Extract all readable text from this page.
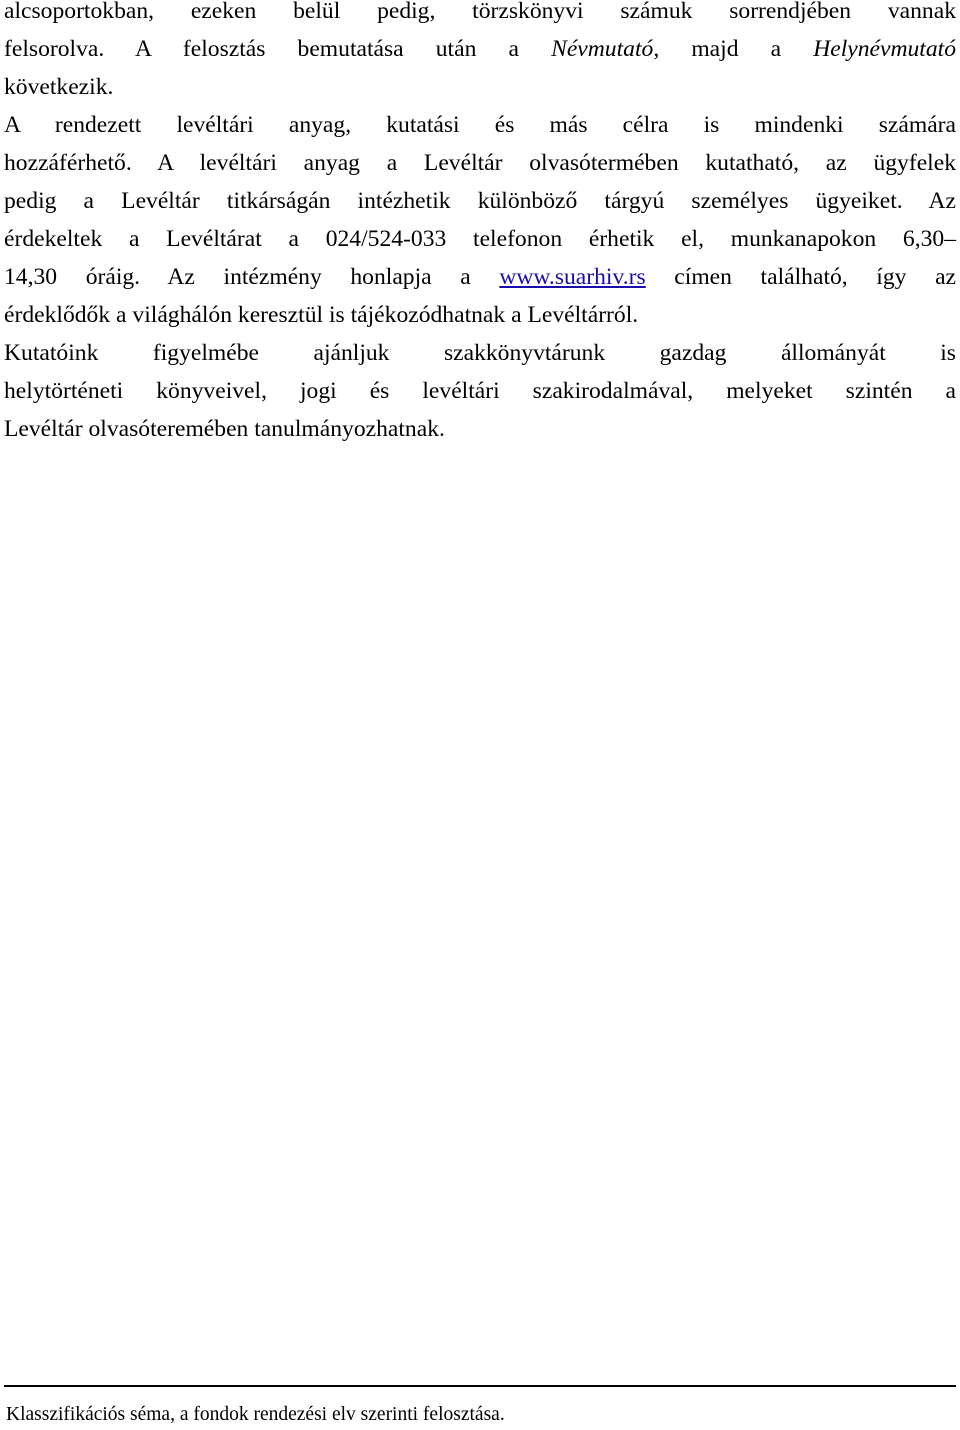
alcsoportokban, ezeken belül pedig, törzskönyvi számuk sorrendjében vannak
felsorolva. A felosztás bemutatása után a Névmutató, majd a Helynévmutató
következik.

A rendezett levéltári anyag, kutatási és más célra is mindenki számára
hozzáférhető. A levéltári anyag a Levéltár olvasótermében kutatható, az ügyfelek
pedig a Levéltár titkárságán intézhetik különböző tárgyú személyes ügyeiket. Az
érdekeltek a Levéltárat a 024/524-033 telefonon érhetik el, munkanapokon 6,30–
14,30 óráig. Az intézmény honlapja a www.suarhiv.rs címen található, így az
érdeklődők a világhálón keresztül is tájékozódhatnak a Levéltárról.

Kutatóink figyelmébe ajánljuk szakkönyvtárunk gazdag állományát is
helytörténeti könyveivel, jogi és levéltári szakirodalmával, melyeket szintén a
Levéltár olvasóteremében tanulmányozhatnak.

Klasszifikációs séma, a fondok rendezési elv szerinti felosztása.
